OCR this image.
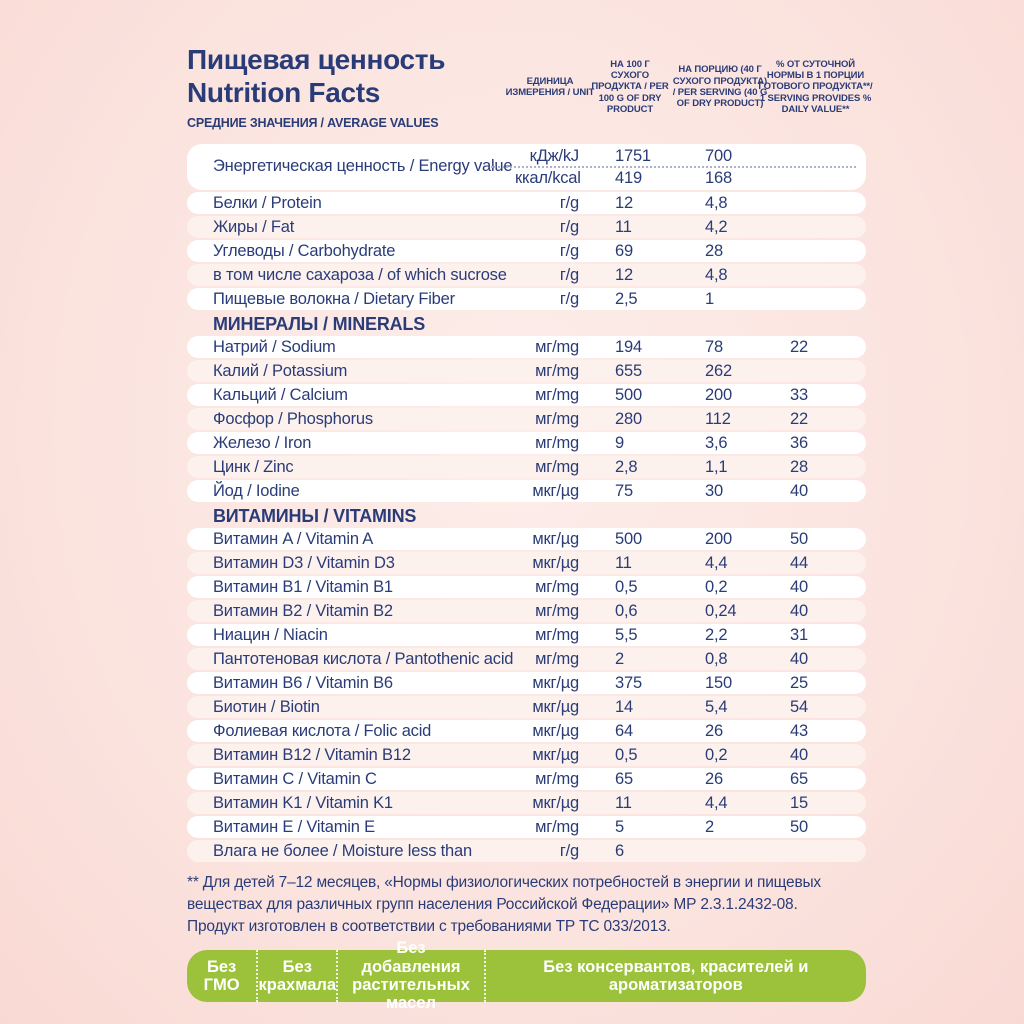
Пищевая ценность
Nutrition Facts
СРЕДНИЕ ЗНАЧЕНИЯ / AVERAGE VALUES
ЕДИНИЦА ИЗМЕРЕНИЯ / UNIT
НА 100 Г СУХОГО ПРОДУКТА / PER 100 G OF DRY PRODUCT
НА ПОРЦИЮ (40 Г СУХОГО ПРОДУКТА) / PER SERVING (40 G OF DRY PRODUCT)
% ОТ СУТОЧНОЙ НОРМЫ В 1 ПОРЦИИ ГОТОВОГО ПРОДУКТА**/ 1 SERVING PROVIDES % DAILY VALUE**
Энергетическая ценность / Energy value
кДж/kJ	1751	700
ккал/kcal	419	168
Белки / Protein	г/g	12	4,8
Жиры / Fat	г/g	11	4,2
Углеводы / Carbohydrate	г/g	69	28
в том числе сахароза / of which sucrose	г/g	12	4,8
Пищевые волокна / Dietary Fiber	г/g	2,5	1
МИНЕРАЛЫ / MINERALS
Натрий / Sodium	мг/mg	194	78	22
Калий / Potassium	мг/mg	655	262
Кальций / Calcium	мг/mg	500	200	33
Фосфор / Phosphorus	мг/mg	280	112	22
Железо / Iron	мг/mg	9	3,6	36
Цинк / Zinc	мг/mg	2,8	1,1	28
Йод / Iodine	мкг/µg	75	30	40
ВИТАМИНЫ / VITAMINS
Витамин A / Vitamin A	мкг/µg	500	200	50
Витамин D3 / Vitamin D3	мкг/µg	11	4,4	44
Витамин B1 / Vitamin B1	мг/mg	0,5	0,2	40
Витамин B2 / Vitamin B2	мг/mg	0,6	0,24	40
Ниацин / Niacin	мг/mg	5,5	2,2	31
Пантотеновая кислота / Pantothenic acid	мг/mg	2	0,8	40
Витамин B6 / Vitamin B6	мкг/µg	375	150	25
Биотин / Biotin	мкг/µg	14	5,4	54
Фолиевая кислота / Folic acid	мкг/µg	64	26	43
Витамин B12 / Vitamin B12	мкг/µg	0,5	0,2	40
Витамин C / Vitamin C	мг/mg	65	26	65
Витамин K1 / Vitamin K1	мкг/µg	11	4,4	15
Витамин E / Vitamin E	мг/mg	5	2	50
Влага не более / Moisture less than	г/g	6

** Для детей 7–12 месяцев, «Нормы физиологических потребностей в энергии и пищевых веществах для различных групп населения Российской Федерации» МР 2.3.1.2432-08.

Продукт изготовлен в соответствии с требованиями ТР ТС 033/2013.

Без ГМО
Без крахмала
Без добавления растительных масел
Без консервантов, красителей и ароматизаторов
